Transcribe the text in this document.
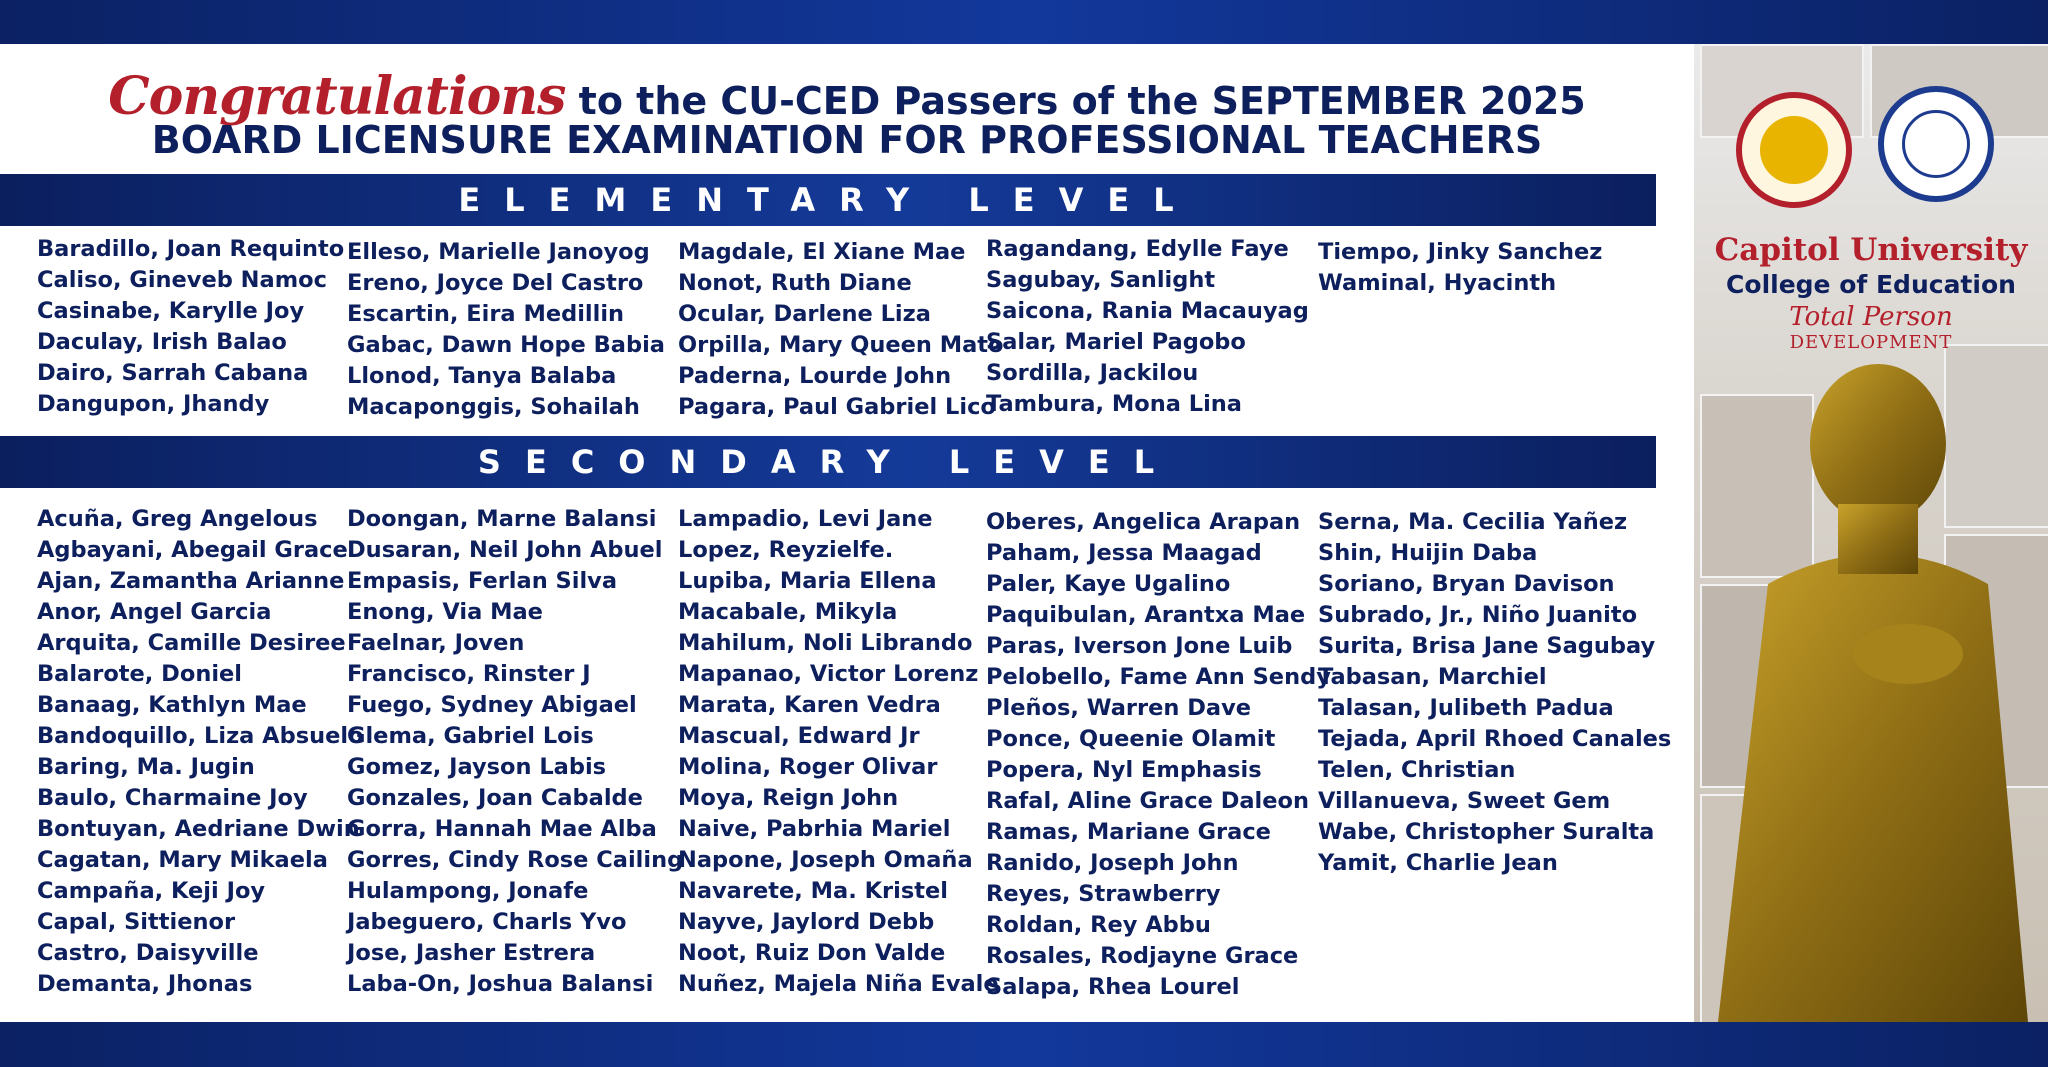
Congratulations to the CU-CED Passers of the SEPTEMBER 2025
BOARD LICENSURE EXAMINATION FOR PROFESSIONAL TEACHERS
ELEMENTARY LEVEL
SECONDARY LEVEL
Baradillo, Joan Requinto
Caliso, Gineveb Namoc
Casinabe, Karylle Joy
Daculay, Irish Balao
Dairo, Sarrah Cabana
Dangupon, Jhandy
Elleso, Marielle Janoyog
Ereno, Joyce Del Castro
Escartin, Eira Medillin
Gabac, Dawn Hope Babia
Llonod, Tanya Balaba
Macaponggis, Sohailah
Magdale, El Xiane Mae
Nonot, Ruth Diane
Ocular, Darlene Liza
Orpilla, Mary Queen Mato
Paderna, Lourde John
Pagara, Paul Gabriel Lico
Ragandang, Edylle Faye
Sagubay, Sanlight
Saicona, Rania Macauyag
Salar, Mariel Pagobo
Sordilla, Jackilou
Tambura, Mona Lina
Tiempo, Jinky Sanchez
Waminal, Hyacinth
Acuña, Greg Angelous
Agbayani, Abegail Grace
Ajan, Zamantha Arianne
Anor, Angel Garcia
Arquita, Camille Desiree
Balarote, Doniel
Banaag, Kathlyn Mae
Bandoquillo, Liza Absuelo
Baring, Ma. Jugin
Baulo, Charmaine Joy
Bontuyan, Aedriane Dwin
Cagatan, Mary Mikaela
Campaña, Keji Joy
Capal, Sittienor
Castro, Daisyville
Demanta, Jhonas
Doongan, Marne Balansi
Dusaran, Neil John Abuel
Empasis, Ferlan Silva
Enong, Via Mae
Faelnar, Joven
Francisco, Rinster J
Fuego, Sydney Abigael
Glema, Gabriel Lois
Gomez, Jayson Labis
Gonzales, Joan Cabalde
Gorra, Hannah Mae Alba
Gorres, Cindy Rose Cailing
Hulampong, Jonafe
Jabeguero, Charls Yvo
Jose, Jasher Estrera
Laba-On, Joshua Balansi
Lampadio, Levi Jane
Lopez, Reyzielfe.
Lupiba, Maria Ellena
Macabale, Mikyla
Mahilum, Noli Librando
Mapanao, Victor Lorenz
Marata, Karen Vedra
Mascual, Edward Jr
Molina, Roger Olivar
Moya, Reign John
Naive, Pabrhia Mariel
Napone, Joseph Omaña
Navarete, Ma. Kristel
Nayve, Jaylord Debb
Noot, Ruiz Don Valde
Nuñez, Majela Niña Evale
Oberes, Angelica Arapan
Paham, Jessa Maagad
Paler, Kaye Ugalino
Paquibulan, Arantxa Mae
Paras, Iverson Jone Luib
Pelobello, Fame Ann Sendy
Pleños, Warren Dave
Ponce, Queenie Olamit
Popera, Nyl Emphasis
Rafal, Aline Grace Daleon
Ramas, Mariane Grace
Ranido, Joseph John
Reyes, Strawberry
Roldan, Rey Abbu
Rosales, Rodjayne Grace
Salapa, Rhea Lourel
Serna, Ma. Cecilia Yañez
Shin, Huijin Daba
Soriano, Bryan Davison
Subrado, Jr., Niño Juanito
Surita, Brisa Jane Sagubay
Tabasan, Marchiel
Talasan, Julibeth Padua
Tejada, April Rhoed Canales
Telen, Christian
Villanueva, Sweet Gem
Wabe, Christopher Suralta
Yamit, Charlie Jean
Capitol University
College of Education
Total Person
DEVELOPMENT
